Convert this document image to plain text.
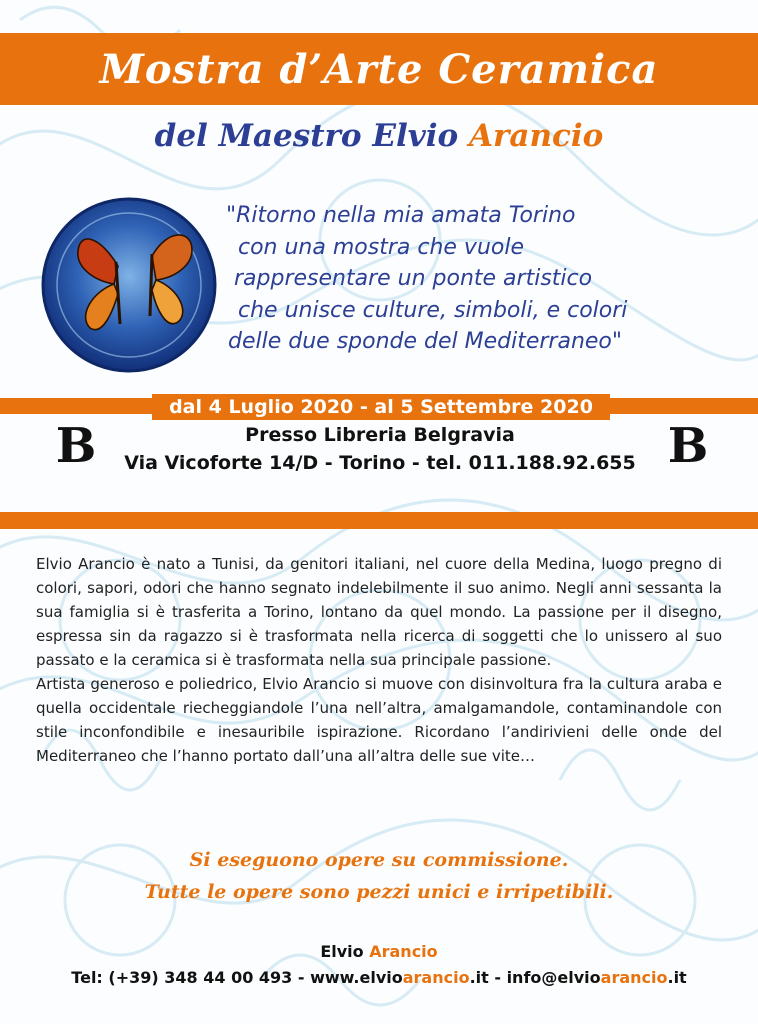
Mostra d’Arte Ceramica
del Maestro Elvio Arancio
"Ritorno nella mia amata Torino
con una mostra che vuole
rappresentare un ponte artistico
che unisce culture, simboli, e colori
delle due sponde del Mediterraneo"
dal 4 Luglio 2020 - al 5 Settembre 2020
B	B
Presso Libreria Belgravia
Via Vicoforte 14/D - Torino - tel. 011.188.92.655

Elvio Arancio è nato a Tunisi, da genitori italiani, nel cuore della Medina, luogo pregno di colori, sapori, odori che hanno segnato indelebilmente il suo animo. Negli anni sessanta la sua famiglia si è trasferita a Torino, lontano da quel mondo. La passione per il disegno, espressa sin da ragazzo si è trasformata nella ricerca di soggetti che lo unissero al suo passato e la ceramica si è trasformata nella sua principale passione.

Artista generoso e poliedrico, Elvio Arancio si muove con disinvoltura fra la cultura araba e quella occidentale riecheggiandole l’una nell’altra, amalgamandole, contaminandole con stile inconfondibile e inesauribile ispirazione. Ricordano l’andirivieni delle onde del Mediterraneo che l’hanno portato dall’una all’altra delle sue vite…

Si eseguono opere su commissione.
Tutte le opere sono pezzi unici e irripetibili.
Elvio Arancio
Tel: (+39) 348 44 00 493 - www.elvioarancio.it - info@elvioarancio.it
